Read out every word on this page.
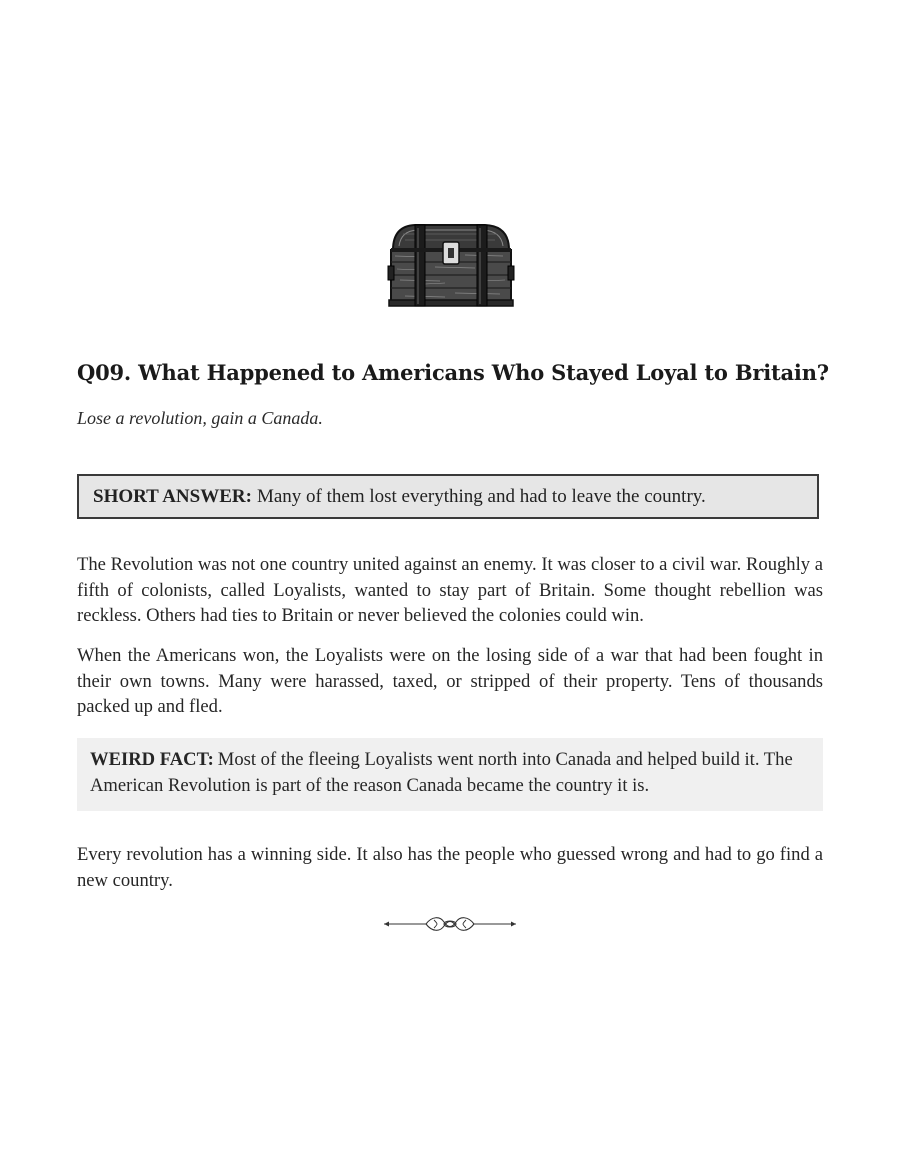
Q09. What Happened to Americans Who Stayed Loyal to Britain?

Lose a revolution, gain a Canada.

SHORT ANSWER: Many of them lost everything and had to leave the country.

The Revolution was not one country united against an enemy. It was closer to a civil war. Roughly a fifth of colonists, called Loyalists, wanted to stay part of Britain. Some thought rebellion was reckless. Others had ties to Britain or never believed the colonies could win.

When the Americans won, the Loyalists were on the losing side of a war that had been fought in their own towns. Many were harassed, taxed, or stripped of their property. Tens of thousands packed up and fled.

WEIRD FACT: Most of the fleeing Loyalists went north into Canada and helped build it. The American Revolution is part of the reason Canada became the country it is.

Every revolution has a winning side. It also has the people who guessed wrong and had to go find a new country.
